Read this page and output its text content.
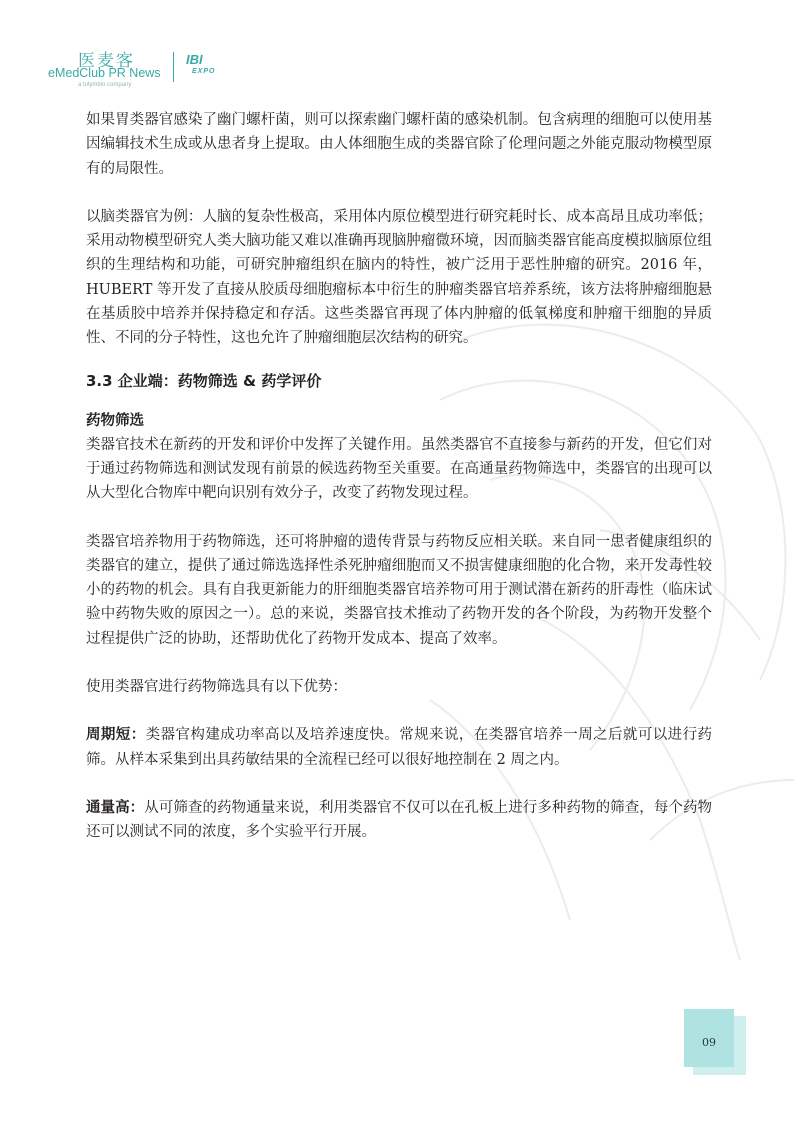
医麦客
eMedClub PR News
a tulymbio company
IBI
EXPO

如果胃类器官感染了幽门螺杆菌，则可以探索幽门螺杆菌的感染机制。包含病理的细胞可以使用基因编辑技术生成或从患者身上提取。由人体细胞生成的类器官除了伦理问题之外能克服动物模型原有的局限性。

以脑类器官为例：人脑的复杂性极高，采用体内原位模型进行研究耗时长、成本高昂且成功率低；采用动物模型研究人类大脑功能又难以准确再现脑肿瘤微环境，因而脑类器官能高度模拟脑原位组织的生理结构和功能，可研究肿瘤组织在脑内的特性，被广泛用于恶性肿瘤的研究。2016 年，HUBERT 等开发了直接从胶质母细胞瘤标本中衍生的肿瘤类器官培养系统，该方法将肿瘤细胞悬在基质胶中培养并保持稳定和存活。这些类器官再现了体内肿瘤的低氧梯度和肿瘤干细胞的异质性、不同的分子特性，这也允许了肿瘤细胞层次结构的研究。

3.3 企业端：药物筛选 & 药学评价
药物筛选

类器官技术在新药的开发和评价中发挥了关键作用。虽然类器官不直接参与新药的开发，但它们对于通过药物筛选和测试发现有前景的候选药物至关重要。在高通量药物筛选中，类器官的出现可以从大型化合物库中靶向识别有效分子，改变了药物发现过程。

类器官培养物用于药物筛选，还可将肿瘤的遗传背景与药物反应相关联。来自同一患者健康组织的类器官的建立，提供了通过筛选选择性杀死肿瘤细胞而又不损害健康细胞的化合物，来开发毒性较小的药物的机会。具有自我更新能力的肝细胞类器官培养物可用于测试潜在新药的肝毒性（临床试验中药物失败的原因之一）。总的来说，类器官技术推动了药物开发的各个阶段，为药物开发整个过程提供广泛的协助，还帮助优化了药物开发成本、提高了效率。

使用类器官进行药物筛选具有以下优势：

周期短：类器官构建成功率高以及培养速度快。常规来说，在类器官培养一周之后就可以进行药筛。从样本采集到出具药敏结果的全流程已经可以很好地控制在 2 周之内。

通量高：从可筛查的药物通量来说，利用类器官不仅可以在孔板上进行多种药物的筛查，每个药物还可以测试不同的浓度，多个实验平行开展。

09
